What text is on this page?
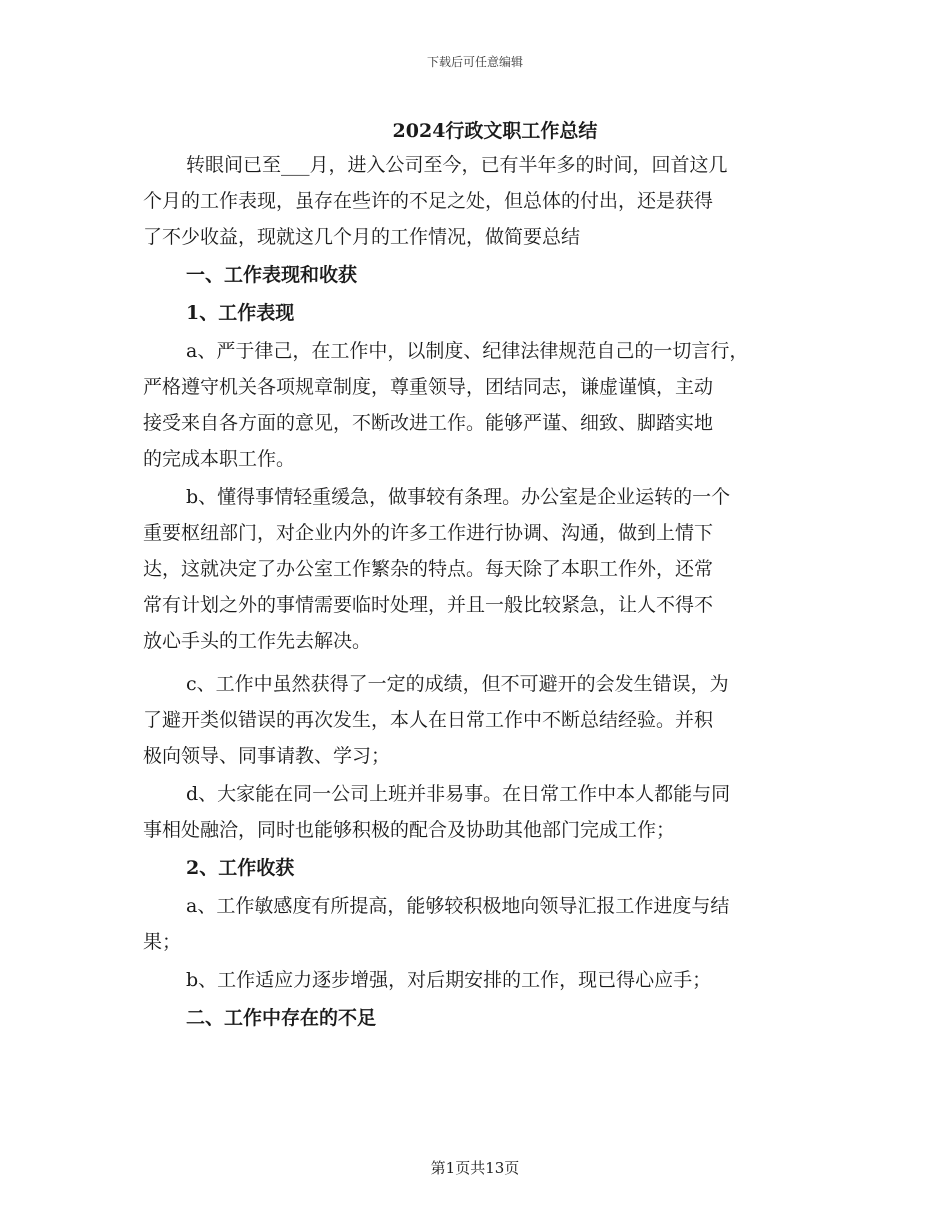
下载后可任意编辑
2024行政文职工作总结
转眼间已至___月，进入公司至今，已有半年多的时间，回首这几
个月的工作表现，虽存在些许的不足之处，但总体的付出，还是获得
了不少收益，现就这几个月的工作情况，做简要总结
一、工作表现和收获
1、工作表现
a、严于律己，在工作中，以制度、纪律法律规范自己的一切言行，
严格遵守机关各项规章制度，尊重领导，团结同志，谦虚谨慎，主动
接受来自各方面的意见，不断改进工作。能够严谨、细致、脚踏实地
的完成本职工作。
b、懂得事情轻重缓急，做事较有条理。办公室是企业运转的一个
重要枢纽部门，对企业内外的许多工作进行协调、沟通，做到上情下
达，这就决定了办公室工作繁杂的特点。每天除了本职工作外，还常
常有计划之外的事情需要临时处理，并且一般比较紧急，让人不得不
放心手头的工作先去解决。
c、工作中虽然获得了一定的成绩，但不可避开的会发生错误，为
了避开类似错误的再次发生，本人在日常工作中不断总结经验。并积
极向领导、同事请教、学习；
d、大家能在同一公司上班并非易事。在日常工作中本人都能与同
事相处融洽，同时也能够积极的配合及协助其他部门完成工作；
2、工作收获
a、工作敏感度有所提高，能够较积极地向领导汇报工作进度与结
果；
b、工作适应力逐步增强，对后期安排的工作，现已得心应手；
二、工作中存在的不足
第1页共13页
